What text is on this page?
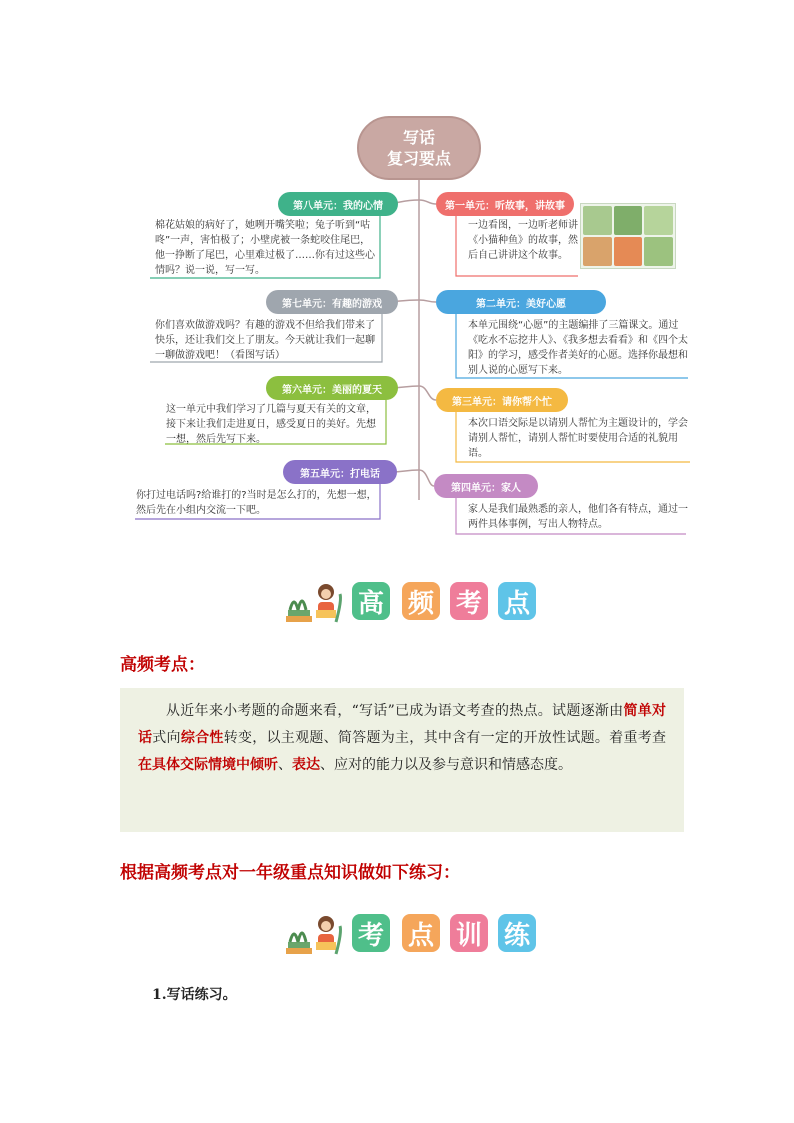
写话
复习要点
第八单元：我的心情
棉花姑娘的病好了，她咧开嘴笑啦；兔子听到“咕咚”一声，害怕极了；小壁虎被一条蛇咬住尾巴，他一挣断了尾巴，心里难过极了……你有过这些心情吗？说一说，写一写。
第七单元：有趣的游戏
你们喜欢做游戏吗？有趣的游戏不但给我们带来了快乐，还让我们交上了朋友。今天就让我们一起聊一聊做游戏吧！（看图写话）
第六单元：美丽的夏天
这一单元中我们学习了几篇与夏天有关的文章，接下来让我们走进夏日，感受夏日的美好。先想一想，然后先写下来。
第五单元：打电话
你打过电话吗?给谁打的?当时是怎么打的，先想一想，然后先在小组内交流一下吧。
第一单元：听故事，讲故事
一边看图，一边听老师讲《小猫种鱼》的故事，然后自己讲讲这个故事。
第二单元：美好心愿
本单元围绕“心愿”的主题编排了三篇课文。通过《吃水不忘挖井人》、《我多想去看看》和《四个太阳》的学习，感受作者美好的心愿。选择你最想和别人说的心愿写下来。
第三单元：请你帮个忙
本次口语交际是以请别人帮忙为主题设计的，学会请别人帮忙，请别人帮忙时要使用合适的礼貌用语。
第四单元：家人
家人是我们最熟悉的亲人，他们各有特点，通过一两件具体事例，写出人物特点。
高 频 考 点
高频考点：
从近年来小考题的命题来看，“写话”已成为语文考查的热点。试题逐渐由简单对话式向综合性转变，以主观题、简答题为主，其中含有一定的开放性试题。着重考查在具体交际情境中倾听、表达、应对的能力以及参与意识和情感态度。
根据高频考点对一年级重点知识做如下练习：
考 点 训 练
1.写话练习。
